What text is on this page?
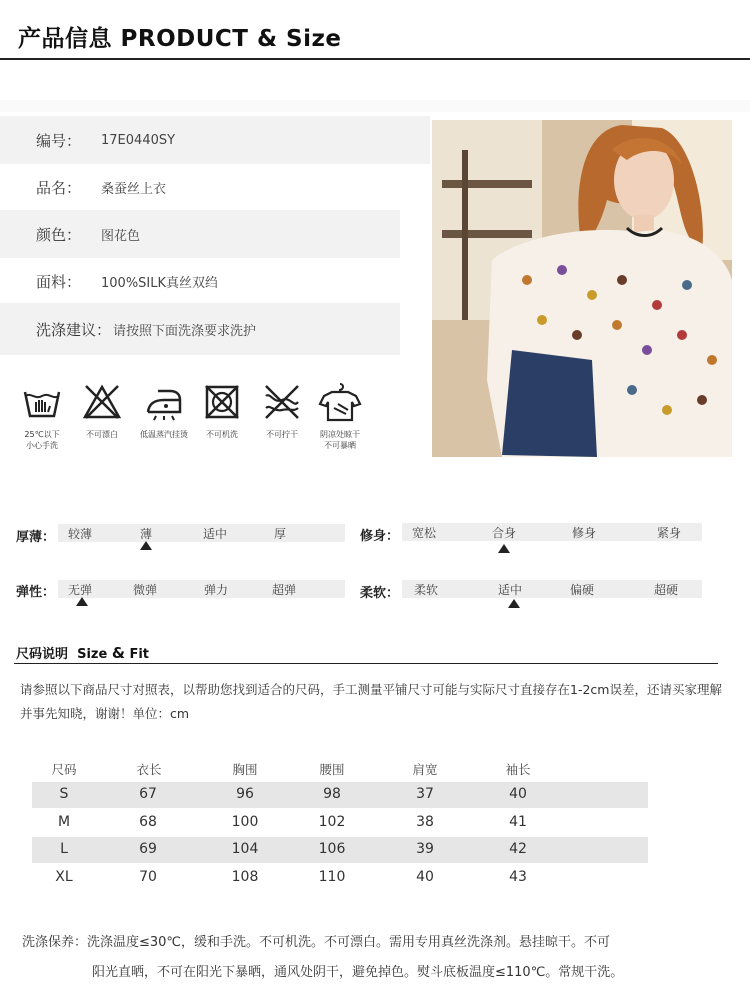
产品信息 PRODUCT & Size
编号： 17E0440SY
品名： 桑蚕丝上衣
颜色： 图花色
面料： 100%SILK真丝双绉
洗涤建议： 请按照下面洗涤要求洗护
25℃以下
小心手洗
不可漂白	低温蒸汽挂烫	不可机洗	不可拧干	阴凉处晾干
不可暴晒
厚薄： 较薄	薄	适中	厚	修身： 宽松	合身	修身	紧身
弹性： 无弹	微弹	弹力	超弹	柔软： 柔软	适中	偏硬	超硬
尺码说明 Size & Fit
请参照以下商品尺寸对照表，以帮助您找到适合的尺码，手工测量平铺尺寸可能与实际尺寸直接存在1-2cm误差，还请买家理解并事先知晓，谢谢！单位：cm
尺码	衣长	胸围	腰围	肩宽	袖长
S	67	96	98	37	40
M	68	100	102	38	41
L	69	104	106	39	42
XL	70	108	110	40	43
洗涤保养：洗涤温度≤30℃，缓和手洗。不可机洗。不可漂白。需用专用真丝洗涤剂。悬挂晾干。不可
阳光直晒，不可在阳光下暴晒，通风处阴干，避免掉色。熨斗底板温度≤110℃。常规干洗。
